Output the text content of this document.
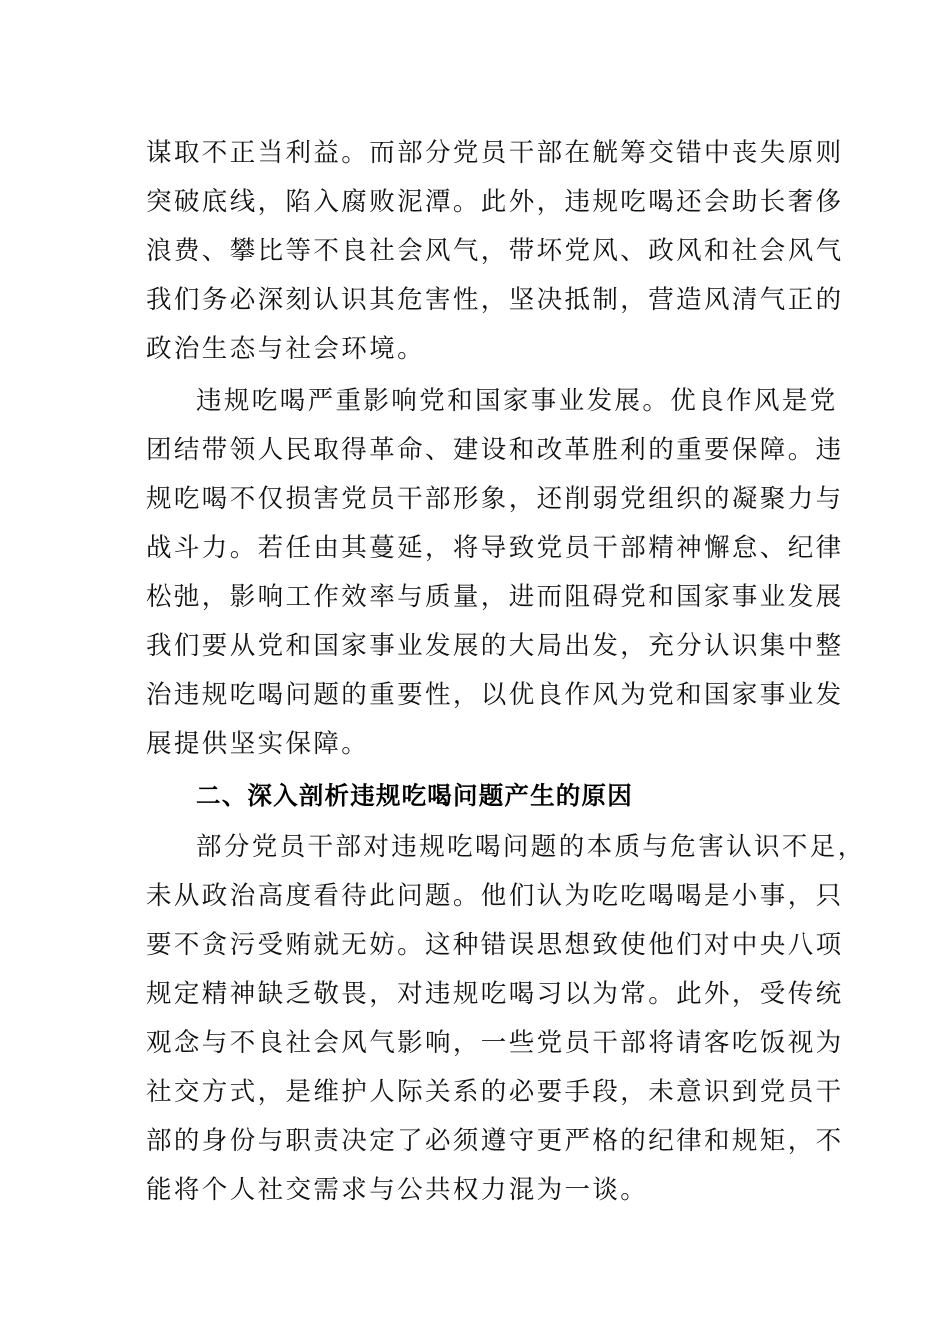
谋取不正当利益。而部分党员干部在觥筹交错中丧失原则
突破底线，陷入腐败泥潭。此外，违规吃喝还会助长奢侈
浪费、攀比等不良社会风气，带坏党风、政风和社会风气
我们务必深刻认识其危害性，坚决抵制，营造风清气正的
政治生态与社会环境。
违规吃喝严重影响党和国家事业发展。优良作风是党
团结带领人民取得革命、建设和改革胜利的重要保障。违
规吃喝不仅损害党员干部形象，还削弱党组织的凝聚力与
战斗力。若任由其蔓延，将导致党员干部精神懈怠、纪律
松弛，影响工作效率与质量，进而阻碍党和国家事业发展
我们要从党和国家事业发展的大局出发，充分认识集中整
治违规吃喝问题的重要性，以优良作风为党和国家事业发
展提供坚实保障。
二、深入剖析违规吃喝问题产生的原因
部分党员干部对违规吃喝问题的本质与危害认识不足，
未从政治高度看待此问题。他们认为吃吃喝喝是小事，只
要不贪污受贿就无妨。这种错误思想致使他们对中央八项
规定精神缺乏敬畏，对违规吃喝习以为常。此外，受传统
观念与不良社会风气影响，一些党员干部将请客吃饭视为
社交方式，是维护人际关系的必要手段，未意识到党员干
部的身份与职责决定了必须遵守更严格的纪律和规矩，不
能将个人社交需求与公共权力混为一谈。
